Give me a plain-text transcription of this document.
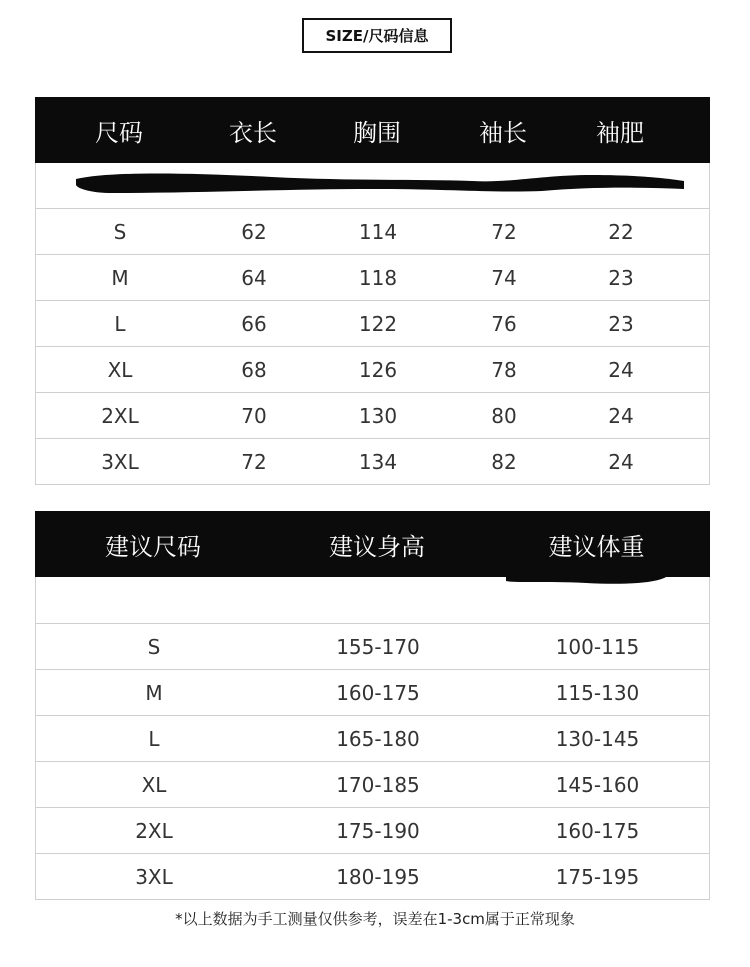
SIZE/尺码信息
尺码	衣长	胸围	袖长	袖肥
S	62	114	72	22
M	64	118	74	23
L	66	122	76	23
XL	68	126	78	24
2XL	70	130	80	24
3XL	72	134	82	24
建议尺码	建议身高	建议体重
S	155-170	100-115
M	160-175	115-130
L	165-180	130-145
XL	170-185	145-160
2XL	175-190	160-175
3XL	180-195	175-195
*以上数据为手工测量仅供参考，误差在1-3cm属于正常现象
